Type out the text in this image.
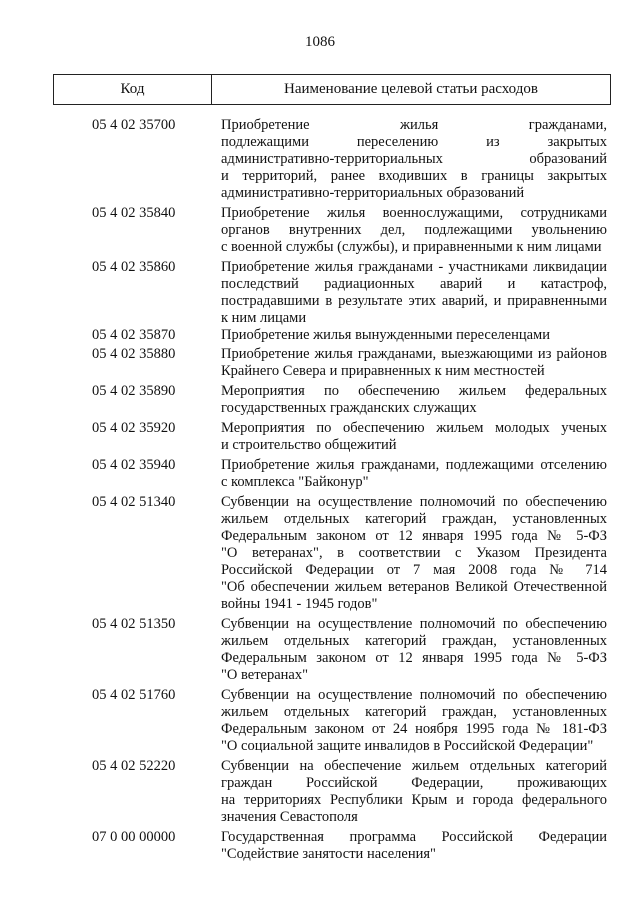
1086
Код	Наименование целевой статьи расходов
05 4 02 35700	Приобретение жилья гражданами,
подлежащими переселению из закрытых
административно-территориальных образований
и территорий, ранее входивших в границы закрытых
административно-территориальных образований
05 4 02 35840	Приобретение жилья военнослужащими, сотрудниками
органов внутренних дел, подлежащими увольнению
с военной службы (службы), и приравненными к ним лицами
05 4 02 35860	Приобретение жилья гражданами - участниками ликвидации
последствий радиационных аварий и катастроф,
пострадавшими в результате этих аварий, и приравненными
к ним лицами
05 4 02 35870	Приобретение жилья вынужденными переселенцами
05 4 02 35880	Приобретение жилья гражданами, выезжающими из районов
Крайнего Севера и приравненных к ним местностей
05 4 02 35890	Мероприятия по обеспечению жильем федеральных
государственных гражданских служащих
05 4 02 35920	Мероприятия по обеспечению жильем молодых ученых
и строительство общежитий
05 4 02 35940	Приобретение жилья гражданами, подлежащими отселению
с комплекса "Байконур"
05 4 02 51340	Субвенции на осуществление полномочий по обеспечению
жильем отдельных категорий граждан, установленных
Федеральным законом от 12 января 1995 года № 5-ФЗ
"О ветеранах", в соответствии с Указом Президента
Российской Федерации от 7 мая 2008 года № 714
"Об обеспечении жильем ветеранов Великой Отечественной
войны 1941 - 1945 годов"
05 4 02 51350	Субвенции на осуществление полномочий по обеспечению
жильем отдельных категорий граждан, установленных
Федеральным законом от 12 января 1995 года № 5-ФЗ
"О ветеранах"
05 4 02 51760	Субвенции на осуществление полномочий по обеспечению
жильем отдельных категорий граждан, установленных
Федеральным законом от 24 ноября 1995 года № 181-ФЗ
"О социальной защите инвалидов в Российской Федерации"
05 4 02 52220	Субвенции на обеспечение жильем отдельных категорий
граждан Российской Федерации, проживающих
на территориях Республики Крым и города федерального
значения Севастополя
07 0 00 00000	Государственная программа Российской Федерации
"Содействие занятости населения"
